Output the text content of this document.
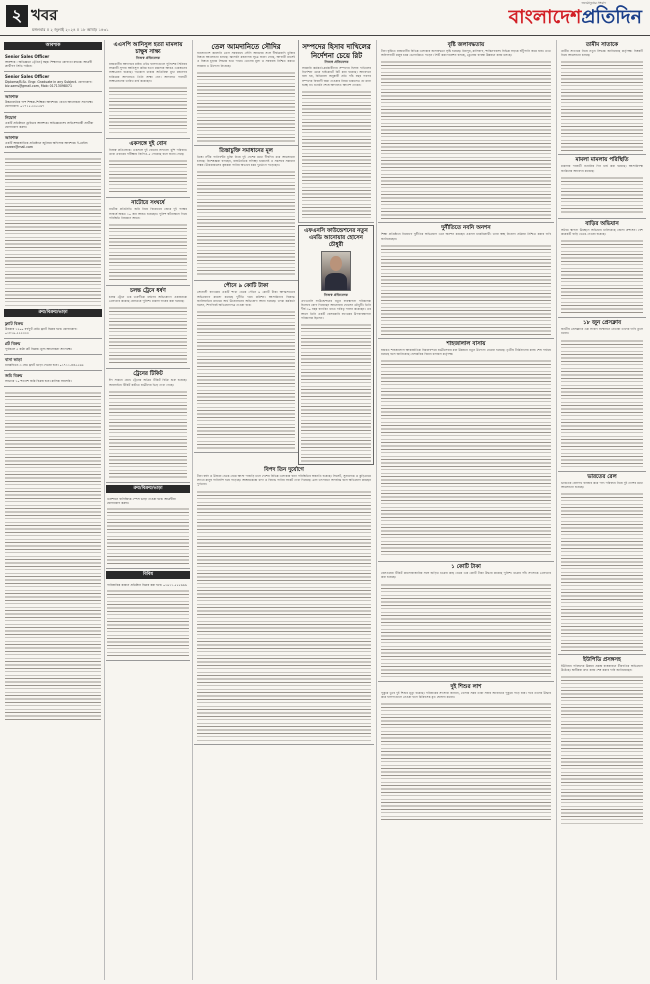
২ খবর
মঙ্গলবার ॥ ২ জুলাই ২০২৪ ॥ ১৮ আষাঢ় ১৪৩১
জনমানুষের সংবাদ
বাংলাদেশপ্রতিদিন
আবশ্যক

Senior Sales Officer

আবশ্যক : অভিজ্ঞতা ৩(তিন) বছর। শিক্ষাগত যোগ্যতা স্নাতক। আগ্রহী প্রার্থীগণ সিভি পাঠান।

Senior Sales Officer

Diploma/B.Sc. Engr. Graduate in any Subject. যোগাযোগ: biz.sams@gmail.com, Mob: 01713098071

আবশ্যক

উচ্চমাধ্যমিক পাশ শিক্ষক-শিক্ষিকা আবশ্যক। বেতন আলোচনা সাপেক্ষে। যোগাযোগ: ০১৭১৫-৩৩৫৫৬৭

নিয়োগ

একটি প্রতিষ্ঠানে ড্রাইভার আবশ্যক। অভিজ্ঞতাসহ লাইসেন্সধারী প্রার্থীরা যোগাযোগ করুন।

আবশ্যক

একটি আন্তর্জাতিক প্রতিষ্ঠানে জুনিয়র অফিসার আবশ্যক। ই-মেইল: career@mail.com

ক্রয়/বিক্রয়/ভাড়া

ফ্ল্যাট বিক্রয়

উত্তরায় ১২০০ বর্গফুট রেডি ফ্ল্যাট বিক্রয় হবে। যোগাযোগ: ০১৮১৯-২২২৩৩৩

প্লট বিক্রয়

পূর্বাচলে ৫ কাঠা প্লট বিক্রয়। মূল্য আলোচনা সাপেক্ষে।

বাসা ভাড়া

ধানমন্ডিতে ৩ বেড ফ্ল্যাট ভাড়া দেওয়া হবে। ০১৭১১-৪৪৫৫৬৬

জমি বিক্রয়

সাভারে ১০ শতাংশ জমি বিক্রয় হবে। মালিক সরাসরি।

এএসপি আনিসুল হত্যা মামলায় চাক্ষুষ সাক্ষ্য
নিজস্ব প্রতিবেদক

রাজধানীর আদাবরে মাইন্ড এইড হাসপাতালে পুলিশের সিনিয়র সহকারী সুপার আনিসুল করিম হত্যা মামলায় আরও একজনের সাক্ষ্যগ্রহণ হয়েছে। গতকাল ঢাকার অতিরিক্ত মুখ্য মহানগর হাকিমের আদালতে তিনি সাক্ষ্য দেন। আদালত পরবর্তী সাক্ষ্যগ্রহণের তারিখ ধার্য করেছেন।

একসঙ্গে দুই বোন

নিজস্ব প্রতিবেদক: একসঙ্গে দুই বোনের সাফল্যে খুশি পরিবার। তারা এবারের পরীক্ষায় জিপিএ-৫ পেয়েছে বলে জানা গেছে।

নাটোরে সংঘর্ষে

নাটোর প্রতিনিধি: জমি নিয়ে বিরোধের জেরে দুই পক্ষের সংঘর্ষে অন্তত ১০ জন আহত হয়েছেন। পুলিশ ঘটনাস্থলে গিয়ে পরিস্থিতি নিয়ন্ত্রণে আনে।

চলন্ত ট্রেনে ধর্ষণ

চলন্ত ট্রেনে এক তরুণীকে ধর্ষণের অভিযোগে একজনকে গ্রেফতার করেছে রেলওয়ে পুলিশ। মামলা দায়ের করা হয়েছে।

ট্রেনের টিকিট

ঈদ সামনে রেখে ট্রেনের অগ্রিম টিকিট বিক্রি শুরু হয়েছে। অনলাইনে টিকিট কাটতে যাত্রীদের ভিড় দেখা গেছে।

ক্রয়/বিক্রয়/ভাড়া

গুলশানে বাণিজ্যিক স্পেস ভাড়া দেওয়া হবে। আগ্রহীরা যোগাযোগ করুন।

বিবিধ

পারিবারিক কারণে প্রতিষ্ঠান বিক্রয় করা হবে। ০১৯১১-৫৫৫৬৬৬

তেল আমদানিতে সৌদির

বাংলাদেশে জ্বালানি তেল সরবরাহে সৌদি আরবের সঙ্গে দীর্ঘমেয়াদি চুক্তির বিষয়ে আলোচনা চলছে। জ্বালানি মন্ত্রণালয় সূত্রে জানা গেছে, আগামী মাসেই এ বিষয়ে চূড়ান্ত সিদ্ধান্ত হতে পারে। তেলের মূল্য ও সরবরাহ নিশ্চিত করতে সরকার এ উদ্যোগ নিয়েছে।

সম্পদের হিসাব দাখিলের নির্দেশনা চেয়ে রিট
নিজস্ব প্রতিবেদক

সরকারি কর্মকর্তা-কর্মচারীদের সম্পদের হিসাব দাখিলের নির্দেশনা চেয়ে হাইকোর্টে রিট করা হয়েছে। আবেদনে বলা হয়, বিধিমালা অনুযায়ী প্রতি পাঁচ বছর পরপর সম্পদের বিবরণী জমা দেওয়ার নিয়ম থাকলেও তা মানা হচ্ছে না। শুনানি শেষে আদালত আদেশ দেবেন।

তিস্তাচুক্তি সমাধানের মূল

তিস্তা নদীর পানিবণ্টন চুক্তি নিয়ে দুই দেশের মধ্যে দীর্ঘদিন ধরে আলোচনা চলছে। বিশেষজ্ঞরা বলছেন, রাজনৈতিক সদিচ্ছা থাকলেই এ সমস্যার সমাধান সম্ভব। উত্তরাঞ্চলের কৃষকরা পানির অভাবে চরম দুর্ভোগে পড়েছেন।

এফএনসি ফাউন্ডেশনের নতুন এমডি আনোয়ার হোসেন চৌধুরী
নিজস্ব প্রতিবেদক

এফএনসি ফাউন্ডেশনের নতুন ব্যবস্থাপনা পরিচালক হিসেবে যোগ দিয়েছেন আনোয়ার হোসেন চৌধুরী। তিনি দীর্ঘ ৩০ বছর ব্যাংকিং খাতে দায়িত্ব পালন করেছেন। এর আগে তিনি একটি বেসরকারি ব্যাংকের উপব্যবস্থাপনা পরিচালক ছিলেন।

পৌনে ৯ কোটি টাকা

সোনালী ব্যাংকের একটি শাখা থেকে পৌনে ৯ কোটি টাকা আত্মসাতের অভিযোগে মামলা করেছে দুর্নীতি দমন কমিশন। আসামিদের বিরুদ্ধে জালিয়াতির মাধ্যমে অর্থ উত্তোলনের অভিযোগ আনা হয়েছে। তদন্ত কর্মকর্তা বলেন, শিগগিরই অভিযোগপত্র দেওয়া হবে।

বিপদ তিন দুর্যোগে

টানা বর্ষণ ও উজান থেকে নেমে আসা পাহাড়ি ঢলে দেশের বিভিন্ন এলাকায় বন্যা পরিস্থিতির অবনতি হয়েছে। সিলেট, সুনামগঞ্জ ও কুড়িগ্রামে লাখো মানুষ পানিবন্দি হয়ে পড়েছে। আশ্রয়কেন্দ্রে খাদ্য ও বিশুদ্ধ পানির সংকট দেখা দিয়েছে। ত্রাণ তৎপরতা অপর্যাপ্ত বলে অভিযোগ করছেন দুর্গতরা।

বৃষ্টি জলাবদ্ধতায়

টানা বৃষ্টিতে রাজধানীর বিভিন্ন এলাকায় জলাবদ্ধতা সৃষ্টি হয়েছে। মিরপুর, মালিবাগ, শান্তিনগরসহ বিভিন্ন সড়কে হাঁটুপানি জমে যায়। এতে অফিসগামী মানুষ চরম ভোগান্তিতে পড়েন। সিটি করপোরেশন বলছে, ড্রেনেজ ব্যবস্থা উন্নয়নে কাজ চলছে।

দুর্নীতিতে নবনি অনশন

শিক্ষা প্রতিষ্ঠানে নিয়োগে দুর্নীতির অভিযোগ এনে অনশন করছেন একদল চাকরিপ্রার্থী। তারা স্বচ্ছ নিয়োগ প্রক্রিয়া নিশ্চিত করার দাবি জানিয়েছেন।

শাহজালাল বাসায়

হজরত শাহজালাল আন্তর্জাতিক বিমানবন্দরে যাত্রীসেবার মান উন্নয়নে নতুন উদ্যোগ নেওয়া হয়েছে। তৃতীয় টার্মিনালের কাজ শেষ পর্যায়ে রয়েছে বলে জানিয়েছে বেসামরিক বিমান চলাচল কর্তৃপক্ষ।

১ কোটি টাকা

রেলওয়ের টিকিট কালোবাজারির সঙ্গে জড়িত চক্রের কাছ থেকে এক কোটি টাকা উদ্ধার করেছে পুলিশ। চক্রের পাঁচ সদস্যকে গ্রেফতার করা হয়েছে।

দুই শিশুর লাশ

পুকুরে ডুবে দুই শিশুর মৃত্যু হয়েছে। পরিবারের সদস্যরা জানান, খেলার সময় তারা সবার অগোচরে পুকুরে পড়ে যায়। পরে তাদের উদ্ধার করে হাসপাতালে নেওয়া হলে চিকিৎসক মৃত ঘোষণা করেন।

তামীম সাতাকে

তামীম সাতাকে নিয়ে নতুন সিদ্ধান্ত জানিয়েছে কর্তৃপক্ষ। বিষয়টি নিয়ে আলোচনা চলছে।

মামলা মামলায় পরিস্থিতি

মামলার পরবর্তী শুনানির দিন ধার্য করা হয়েছে। আসামিপক্ষ জামিনের আবেদন করেছে।

বাড়ির অভিযান

অবৈধ স্থাপনা উচ্ছেদে অভিযান চালিয়েছে জেলা প্রশাসন। বেশ কয়েকটি বাড়ি ভেঙে দেওয়া হয়েছে।

১৮ জুন প্রেসক্লাব

জাতীয় প্রেসক্লাবে এক সংবাদ সম্মেলনে নেতারা তাদের দাবি তুলে ধরেন।

ভারতের রেল

ভারতের রেলপথ ব্যবহার করে পণ্য পরিবহন নিয়ে দুই দেশের মধ্যে আলোচনা হয়েছে।

ইউপিডি প্রসঙ্গসহ

ইউনিয়ন পরিষদের উন্নয়ন প্রকল্প বাস্তবায়নে ধীরগতির অভিযোগ উঠেছে। স্থানীয়রা দ্রুত কাজ শেষ করার দাবি জানিয়েছেন।
